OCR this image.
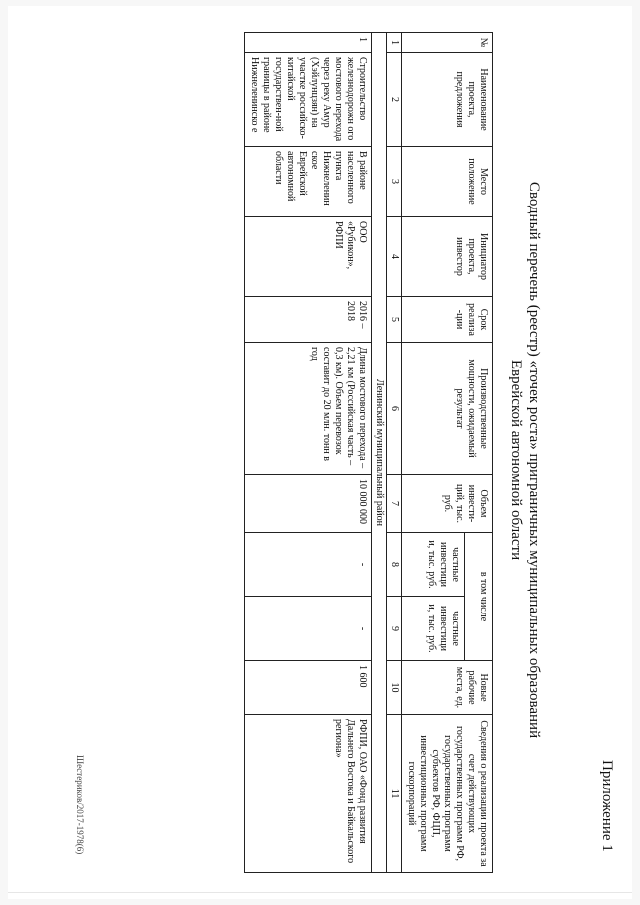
Приложение 1
Сводный перечень (реестр) «точек роста» приграничных муниципальных образований
Еврейской автономной области
№	Наименование проекта, предложения	Место положение	Инициатор проекта, инвестор	Срок реализа -ции	Производственные мощности, ожидаемый результат	Объем инвести- ций, тыс. руб.	в том числе		Новые рабочие места, ед.	Сведения о реализации проекта за счет действующих государственных программ РФ, государственных программ субъектов РФ, ФЦП, инвестиционных программ госкорпораций
							частные инвестици и, тыс. руб.	частные инвестици и, тыс. руб.		
1	2	3	4	5	6	7	8	9	10	11
Ленинский муниципальный район										
1	Строительство железнодорожн ого мостового перехода через реку Амур (Хэйлунцзян) на участке российско-китайской государствен-ной границы в районе Нижнеленинско е	В районе населенного пункта Нижнеленин ское Еврейской автономной области	ООО «Рубикон», РФПИ	2016 – 2018	Длина мостового перехода – 2,21 км (Российская часть – 0,3 км). Объем перевозок составит до 20 млн. тонн в год	10 000 000	-	-	1 600	РФПИ, ОАО «Фонд развития Дальнего Востока и Байкальского региона»
Шестериков/2017-1978(6)
